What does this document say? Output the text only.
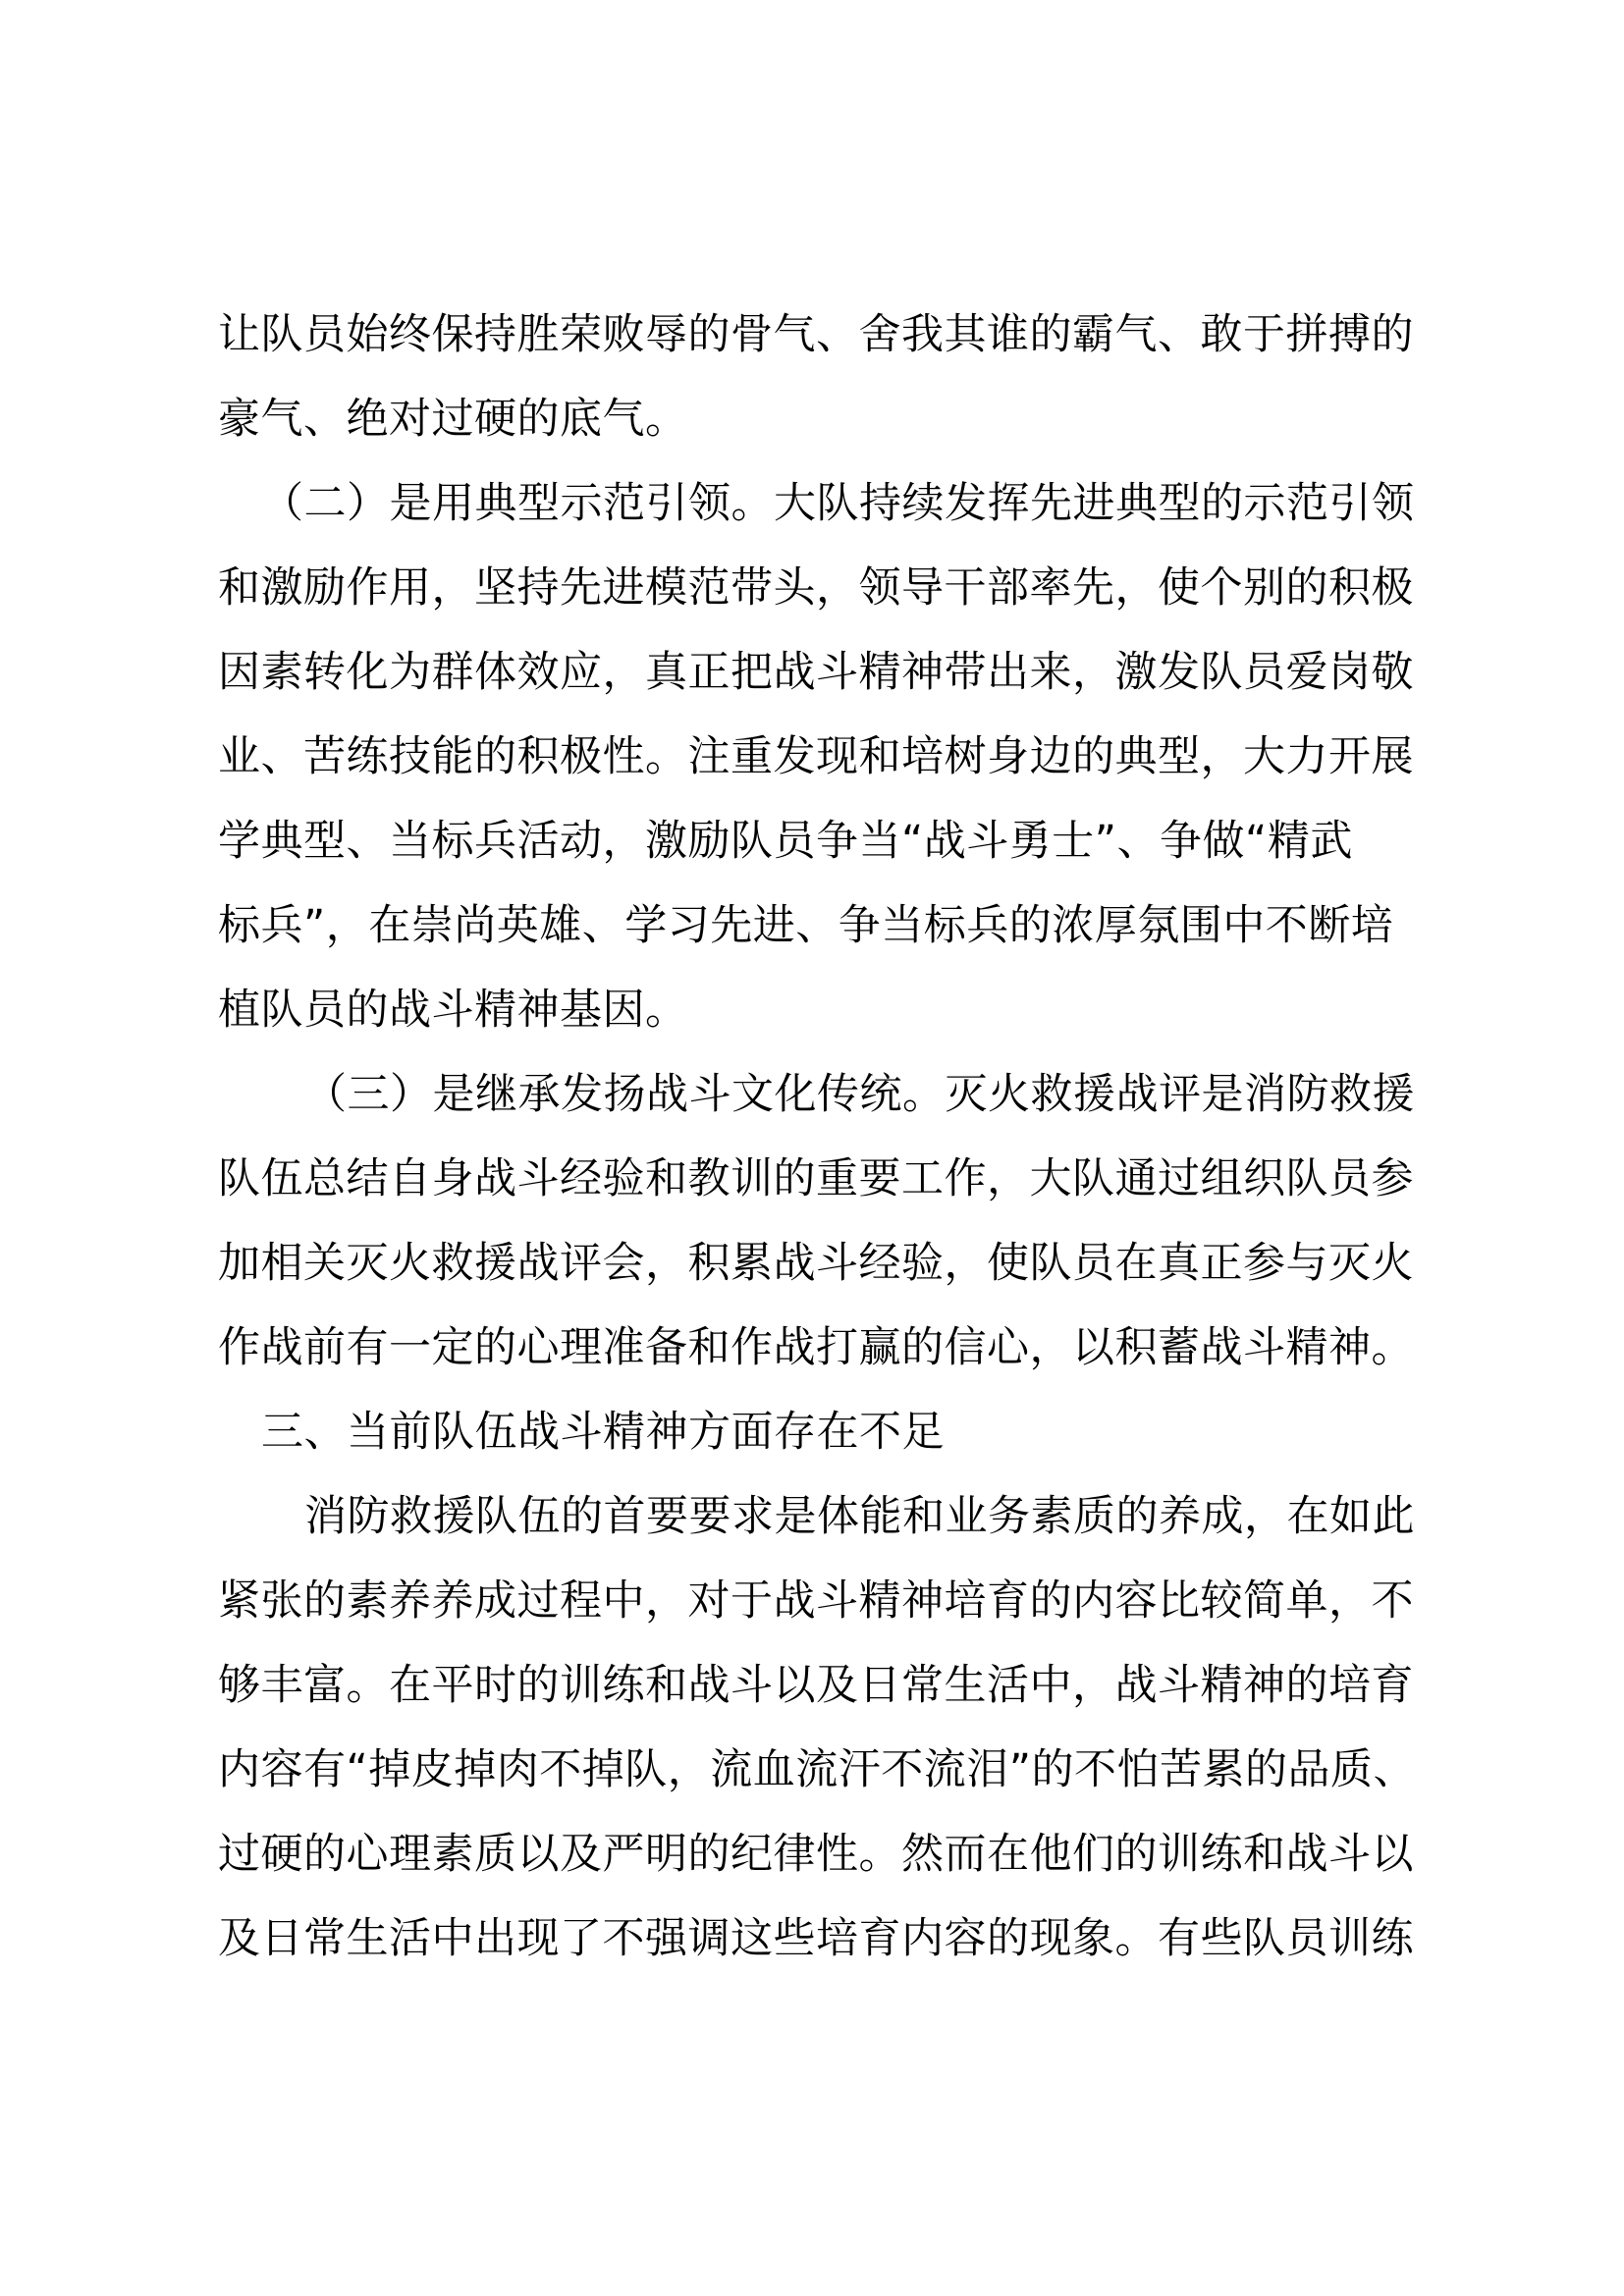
让队员始终保持胜荣败辱的骨气、舍我其谁的霸气、敢于拼搏的
豪气、绝对过硬的底气。
（二）是用典型示范引领。大队持续发挥先进典型的示范引领
和激励作用，坚持先进模范带头，领导干部率先，使个别的积极
因素转化为群体效应，真正把战斗精神带出来，激发队员爱岗敬
业、苦练技能的积极性。注重发现和培树身边的典型，大力开展
学典型、当标兵活动，激励队员争当“战斗勇士”、争做“精武
标兵”，在崇尚英雄、学习先进、争当标兵的浓厚氛围中不断培
植队员的战斗精神基因。
（三）是继承发扬战斗文化传统。灭火救援战评是消防救援
队伍总结自身战斗经验和教训的重要工作，大队通过组织队员参
加相关灭火救援战评会，积累战斗经验，使队员在真正参与灭火
作战前有一定的心理准备和作战打赢的信心，以积蓄战斗精神。
三、当前队伍战斗精神方面存在不足
消防救援队伍的首要要求是体能和业务素质的养成，在如此
紧张的素养养成过程中，对于战斗精神培育的内容比较简单，不
够丰富。在平时的训练和战斗以及日常生活中，战斗精神的培育
内容有“掉皮掉肉不掉队，流血流汗不流泪”的不怕苦累的品质、
过硬的心理素质以及严明的纪律性。然而在他们的训练和战斗以
及日常生活中出现了不强调这些培育内容的现象。有些队员训练
